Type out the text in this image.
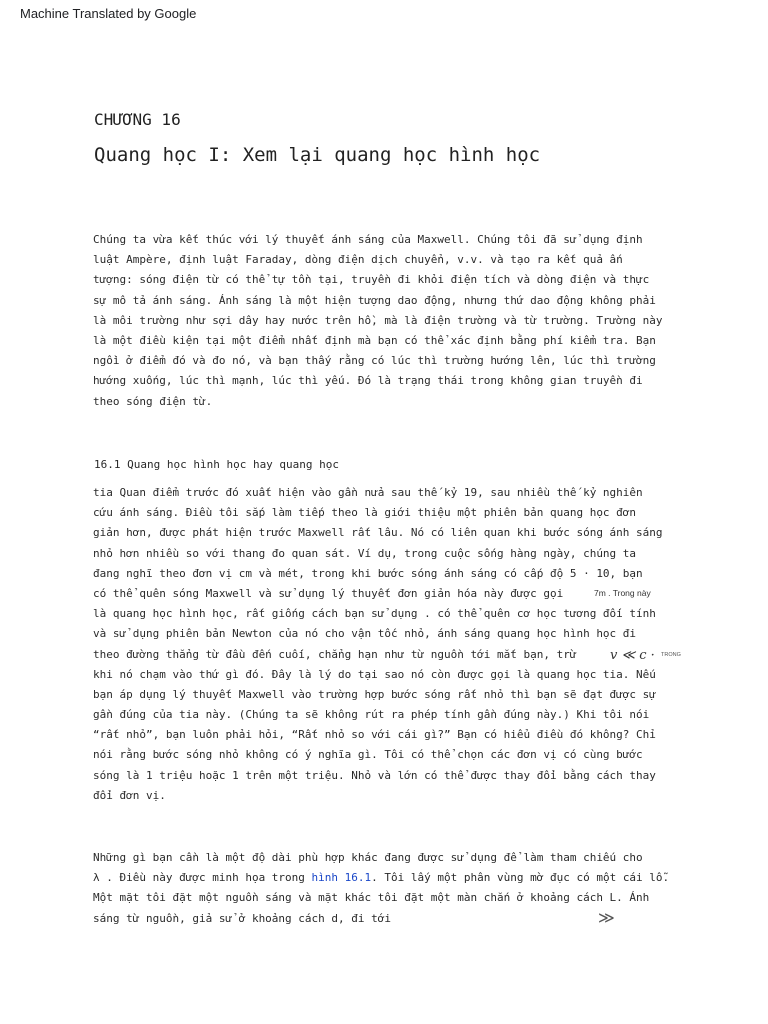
Machine Translated by Google
CHƯƠNG 16
Quang học I: Xem lại quang học hình học
Chúng ta vừa kết thúc với lý thuyết ánh sáng của Maxwell. Chúng tôi đã sử dụng định
luật Ampère, định luật Faraday, dòng điện dịch chuyển, v.v. và tạo ra kết quả ấn
tượng: sóng điện từ có thể tự tồn tại, truyền đi khỏi điện tích và dòng điện và thực
sự mô tả ánh sáng. Ánh sáng là một hiện tượng dao động, nhưng thứ dao động không phải
là môi trường như sợi dây hay nước trên hồ, mà là điện trường và từ trường. Trường này
là một điều kiện tại một điểm nhất định mà bạn có thể xác định bằng phí kiểm tra. Bạn
ngồi ở điểm đó và đo nó, và bạn thấy rằng có lúc thì trường hướng lên, lúc thì trường
hướng xuống, lúc thì mạnh, lúc thì yếu. Đó là trạng thái trong không gian truyền đi
theo sóng điện từ.
16.1 Quang học hình học hay quang học
tia Quan điểm trước đó xuất hiện vào gần nửa sau thế kỷ 19, sau nhiều thế kỷ nghiên
cứu ánh sáng. Điều tôi sắp làm tiếp theo là giới thiệu một phiên bản quang học đơn
giản hơn, được phát hiện trước Maxwell rất lâu. Nó có liên quan khi bước sóng ánh sáng
nhỏ hơn nhiều so với thang đo quan sát. Ví dụ, trong cuộc sống hàng ngày, chúng ta
đang nghĩ theo đơn vị cm và mét, trong khi bước sóng ánh sáng có cấp độ 5 · 10, bạn
có thể quên sóng Maxwell và sử dụng lý thuyết đơn giản hóa này được gọi
là quang học hình học, rất giống cách bạn sử dụng . có thể quên cơ học tương đối tính
và sử dụng phiên bản Newton của nó cho vận tốc nhỏ, ánh sáng quang học hình học đi
theo đường thẳng từ đầu đến cuối, chẳng hạn như từ nguồn tới mắt bạn, trừ
khi nó chạm vào thứ gì đó. Đây là lý do tại sao nó còn được gọi là quang học tia. Nếu
bạn áp dụng lý thuyết Maxwell vào trường hợp bước sóng rất nhỏ thì bạn sẽ đạt được sự
gần đúng của tia này. (Chúng ta sẽ không rút ra phép tính gần đúng này.) Khi tôi nói
“rất nhỏ”, bạn luôn phải hỏi, “Rất nhỏ so với cái gì?” Bạn có hiểu điều đó không? Chỉ
nói rằng bước sóng nhỏ không có ý nghĩa gì. Tôi có thể chọn các đơn vị có cùng bước
sóng là 1 triệu hoặc 1 trên một triệu. Nhỏ và lớn có thể được thay đổi bằng cách thay
đổi đơn vị.
7m . Trong này
v ≪ c · TRONG
Những gì bạn cần là một độ dài phù hợp khác đang được sử dụng để làm tham chiếu cho
λ . Điều này được minh họa trong hình 16.1. Tôi lấy một phân vùng mờ đục có một cái lỗ.
Một mặt tôi đặt một nguồn sáng và mặt khác tôi đặt một màn chắn ở khoảng cách L. Ánh
sáng từ nguồn, giả sử ở khoảng cách d, đi tới	≫
